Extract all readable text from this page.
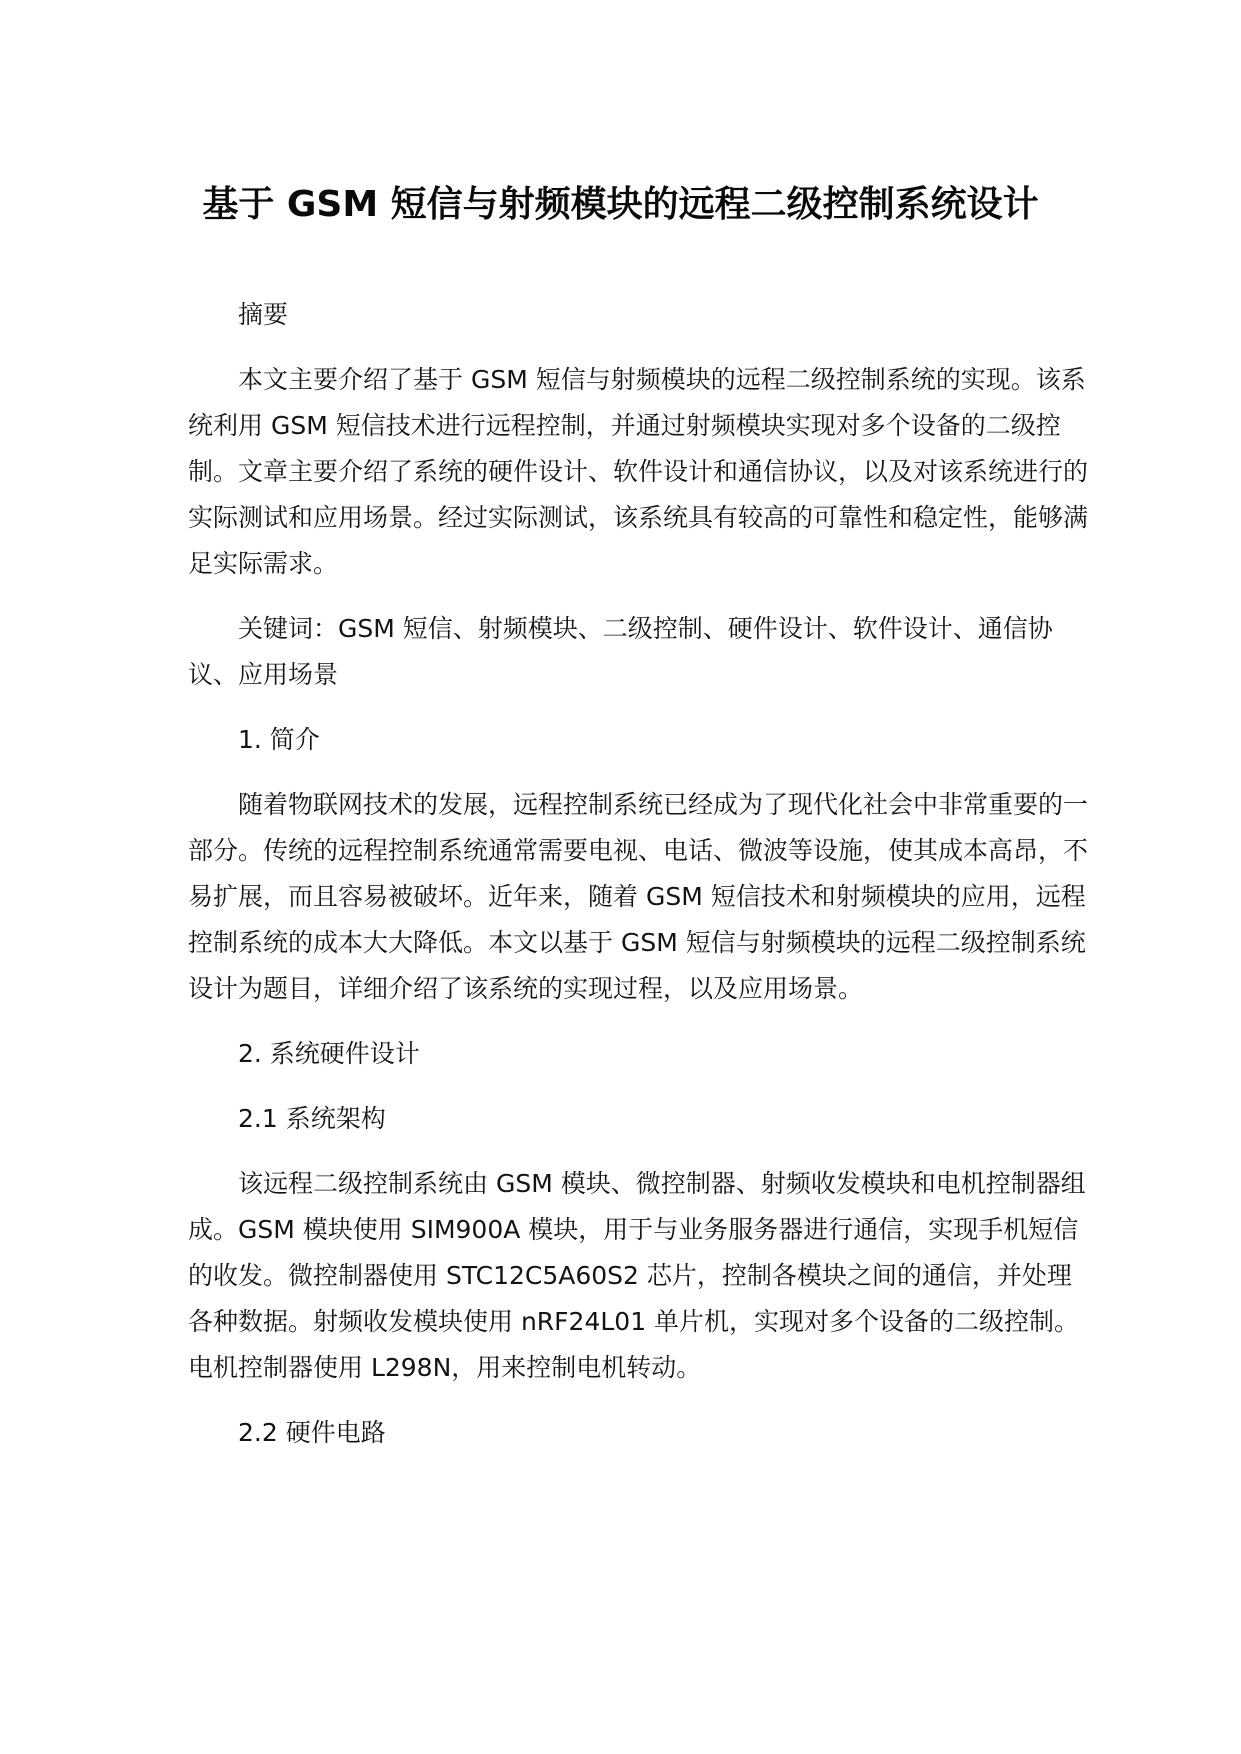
基于 GSM 短信与射频模块的远程二级控制系统设计

摘要

本文主要介绍了基于 GSM 短信与射频模块的远程二级控制系统的实现。该系统利用 GSM 短信技术进行远程控制，并通过射频模块实现对多个设备的二级控制。文章主要介绍了系统的硬件设计、软件设计和通信协议，以及对该系统进行的实际测试和应用场景。经过实际测试，该系统具有较高的可靠性和稳定性，能够满足实际需求。

关键词：GSM 短信、射频模块、二级控制、硬件设计、软件设计、通信协议、应用场景

1. 简介

随着物联网技术的发展，远程控制系统已经成为了现代化社会中非常重要的一部分。传统的远程控制系统通常需要电视、电话、微波等设施，使其成本高昂，不易扩展，而且容易被破坏。近年来，随着 GSM 短信技术和射频模块的应用，远程控制系统的成本大大降低。本文以基于 GSM 短信与射频模块的远程二级控制系统设计为题目，详细介绍了该系统的实现过程，以及应用场景。

2. 系统硬件设计

2.1 系统架构

该远程二级控制系统由 GSM 模块、微控制器、射频收发模块和电机控制器组成。GSM 模块使用 SIM900A 模块，用于与业务服务器进行通信，实现手机短信的收发。微控制器使用 STC12C5A60S2 芯片，控制各模块之间的通信，并处理各种数据。射频收发模块使用 nRF24L01 单片机，实现对多个设备的二级控制。电机控制器使用 L298N，用来控制电机转动。

2.2 硬件电路
